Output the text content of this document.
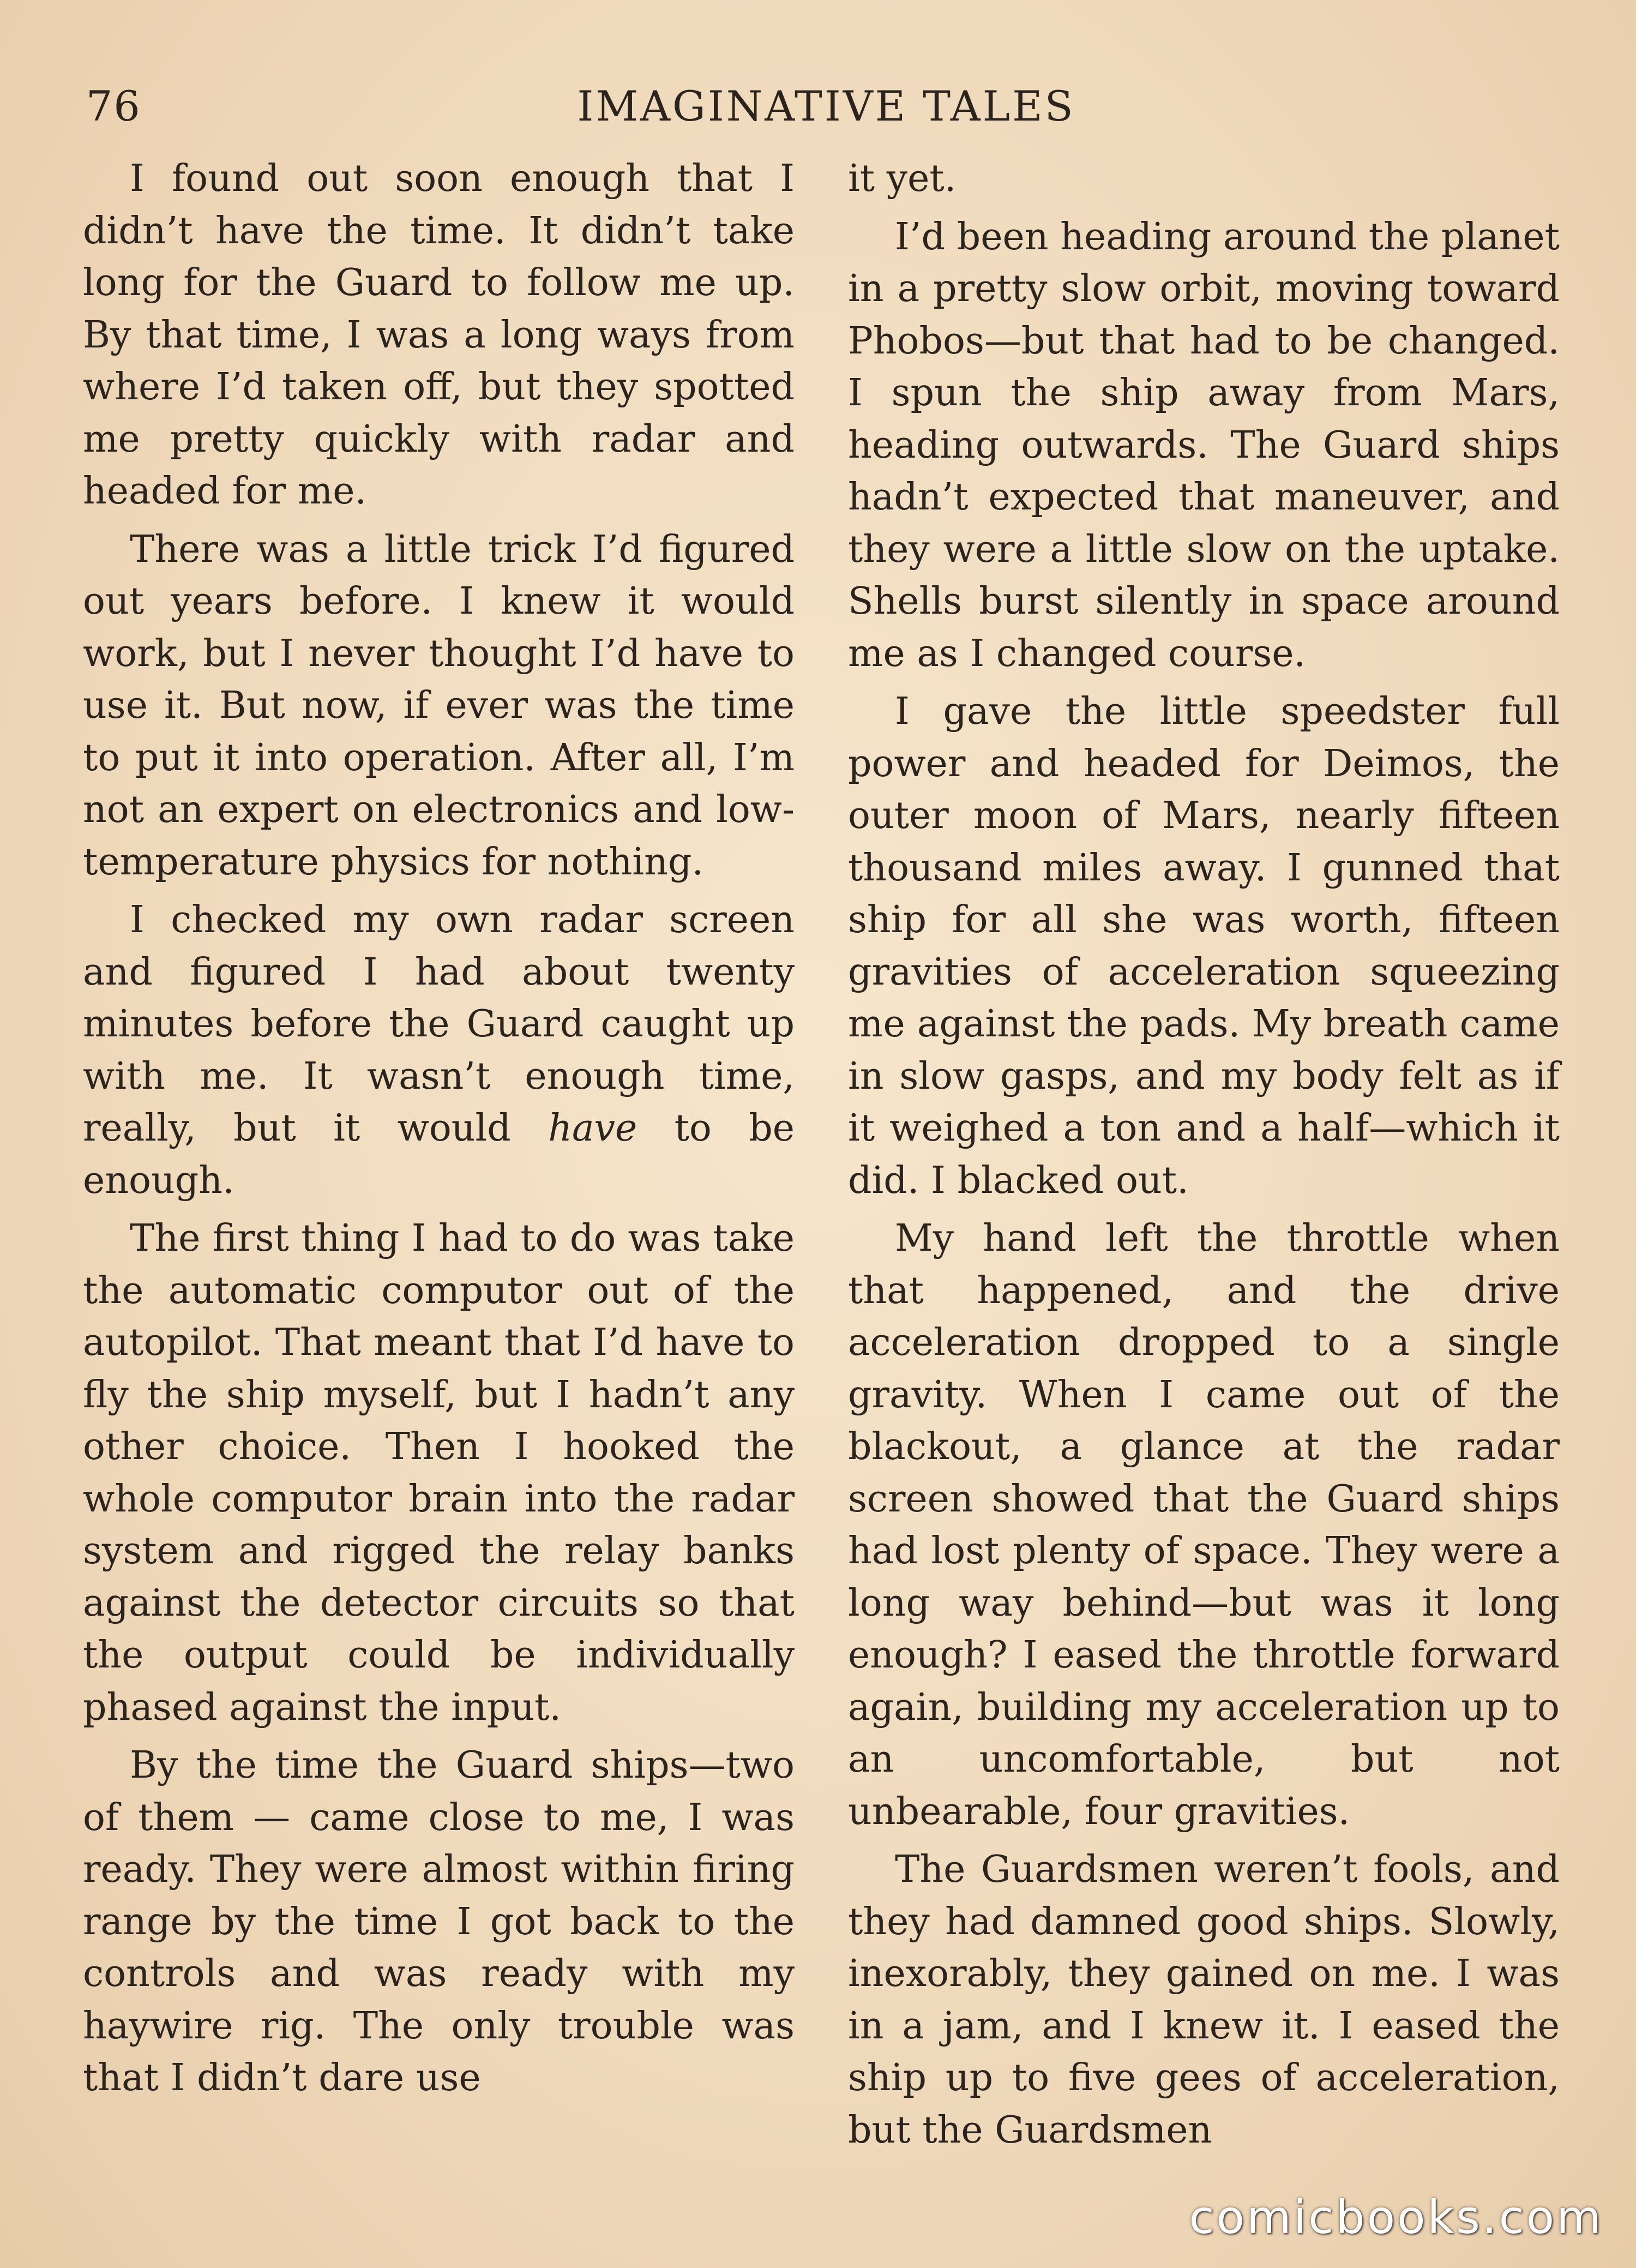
76	IMAGINATIVE TALES

I found out soon enough that I didn’t have the time. It didn’t take long for the Guard to follow me up. By that time, I was a long ways from where I’d taken off, but they spotted me pretty quickly with radar and headed for me.

There was a little trick I’d figured out years before. I knew it would work, but I never thought I’d have to use it. But now, if ever was the time to put it into operation. After all, I’m not an expert on electronics and low-temperature physics for nothing.

I checked my own radar screen and figured I had about twenty minutes before the Guard caught up with me. It wasn’t enough time, really, but it would have to be enough.

The first thing I had to do was take the automatic computor out of the autopilot. That meant that I’d have to fly the ship myself, but I hadn’t any other choice. Then I hooked the whole computor brain into the radar system and rigged the relay banks against the detector circuits so that the output could be individually phased against the input.

By the time the Guard ships—two of them — came close to me, I was ready. They were almost within firing range by the time I got back to the controls and was ready with my haywire rig. The only trouble was that I didn’t dare use

it yet.

I’d been heading around the planet in a pretty slow orbit, moving toward Phobos—but that had to be changed. I spun the ship away from Mars, heading outwards. The Guard ships hadn’t expected that maneuver, and they were a little slow on the uptake. Shells burst silently in space around me as I changed course.

I gave the little speedster full power and headed for Deimos, the outer moon of Mars, nearly fifteen thousand miles away. I gunned that ship for all she was worth, fifteen gravities of acceleration squeezing me against the pads. My breath came in slow gasps, and my body felt as if it weighed a ton and a half—which it did. I blacked out.

My hand left the throttle when that happened, and the drive acceleration dropped to a single gravity. When I came out of the blackout, a glance at the radar screen showed that the Guard ships had lost plenty of space. They were a long way behind—but was it long enough? I eased the throttle forward again, building my acceleration up to an uncomfortable, but not unbearable, four gravities.

The Guardsmen weren’t fools, and they had damned good ships. Slowly, inexorably, they gained on me. I was in a jam, and I knew it. I eased the ship up to five gees of acceleration, but the Guardsmen

comicbooks.com
